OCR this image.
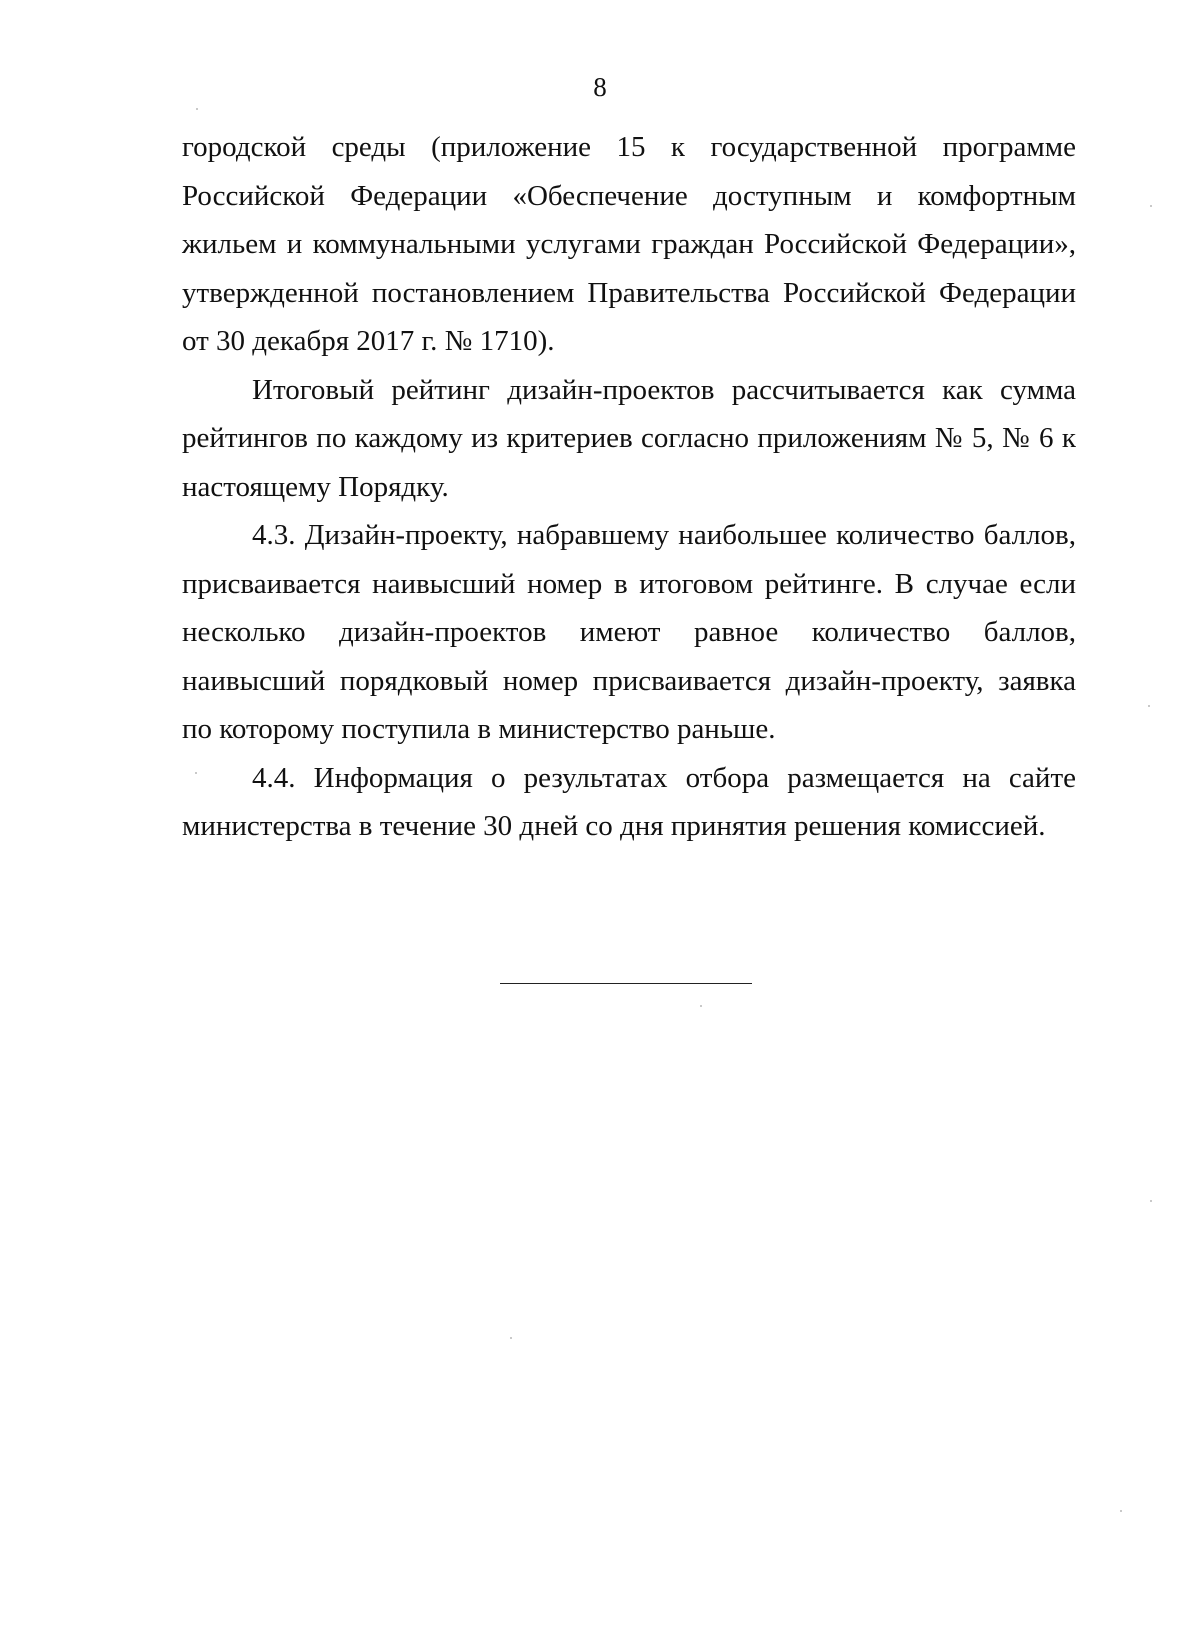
8

городской среды (приложение 15 к государственной программе Российской Федерации «Обеспечение доступным и комфортным жильем и коммунальными услугами граждан Российской Федерации», утвержденной постановлением Правительства Российской Федерации от 30 декабря 2017 г. № 1710).

Итоговый рейтинг дизайн-проектов рассчитывается как сумма рейтингов по каждому из критериев согласно приложениям № 5, № 6 к настоящему Порядку.

4.3. Дизайн-проекту, набравшему наибольшее количество баллов, присваивается наивысший номер в итоговом рейтинге. В случае если несколько дизайн-проектов имеют равное количество баллов, наивысший порядковый номер присваивается дизайн-проекту, заявка по которому поступила в министерство раньше.

4.4. Информация о результатах отбора размещается на сайте министерства в течение 30 дней со дня принятия решения комиссией.
